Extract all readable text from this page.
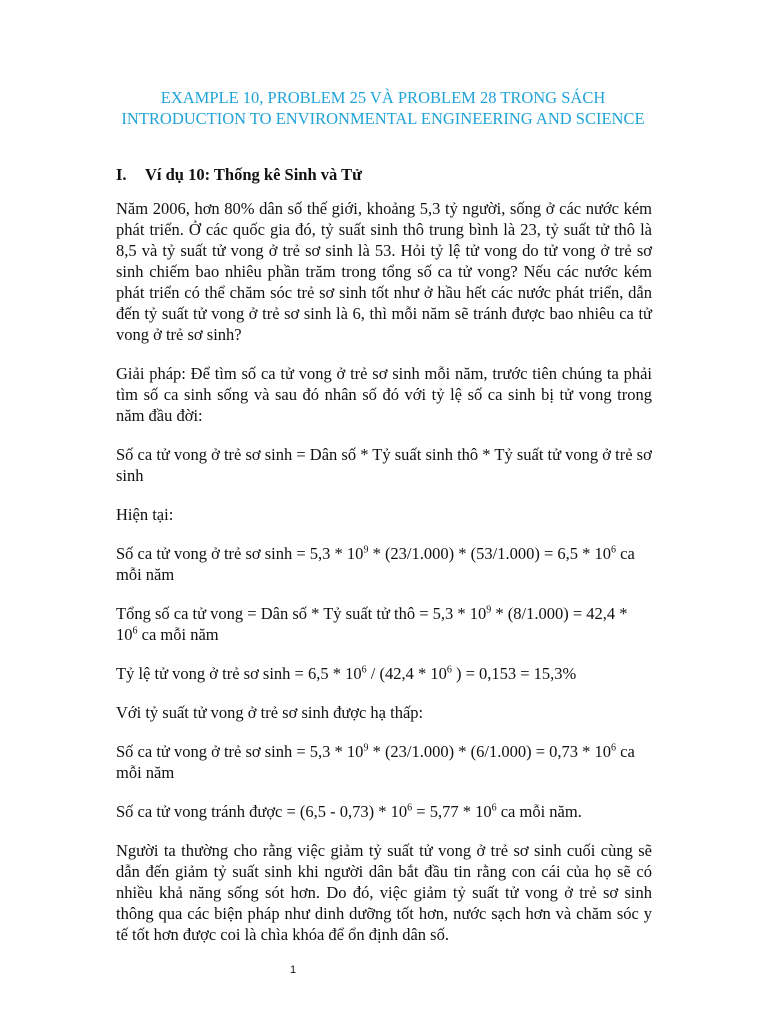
EXAMPLE 10, PROBLEM 25 VÀ PROBLEM 28 TRONG SÁCH INTRODUCTION TO ENVIRONMENTAL ENGINEERING AND SCIENCE
I. Ví dụ 10: Thống kê Sinh và Tử

Năm 2006, hơn 80% dân số thế giới, khoảng 5,3 tỷ người, sống ở các nước kém phát triển. Ở các quốc gia đó, tỷ suất sinh thô trung bình là 23, tỷ suất tử thô là 8,5 và tỷ suất tử vong ở trẻ sơ sinh là 53. Hỏi tỷ lệ tử vong do tử vong ở trẻ sơ sinh chiếm bao nhiêu phần trăm trong tổng số ca tử vong? Nếu các nước kém phát triển có thể chăm sóc trẻ sơ sinh tốt như ở hầu hết các nước phát triển, dẫn đến tỷ suất tử vong ở trẻ sơ sinh là 6, thì mỗi năm sẽ tránh được bao nhiêu ca tử vong ở trẻ sơ sinh?

Giải pháp: Để tìm số ca tử vong ở trẻ sơ sinh mỗi năm, trước tiên chúng ta phải tìm số ca sinh sống và sau đó nhân số đó với tỷ lệ số ca sinh bị tử vong trong năm đầu đời:

Số ca tử vong ở trẻ sơ sinh = Dân số * Tỷ suất sinh thô * Tỷ suất tử vong ở trẻ sơ sinh

Hiện tại:

Số ca tử vong ở trẻ sơ $\sinh = 5,3 * 10^9 * (23/1.000) * (53/1.000) = 6,5 * 10^6$ ca mỗi năm

Tổng số ca tử vong = Dân số * Tỷ suất tử thô = $5,3 * 10^9 * (8/1.000) = 42,4 * 10^6$ ca mỗi năm

Tỷ lệ tử vong ở trẻ sơ $\sinh = 6,5 * 10^6 / (42,4 * 10^6$ ) = 0,153 = 15,3%

Với tỷ suất tử vong ở trẻ sơ sinh được hạ thấp:

Số ca tử vong ở trẻ sơ $\sinh = 5,3 * 10^9 * (23/1.000) * (6/1.000) = 0,73 * 10^6$ ca mỗi năm

Số ca tử vong tránh được = $(6,5 - 0,73) * 10^6 = 5,77 * 10^6$ ca mỗi năm.

Người ta thường cho rằng việc giảm tỷ suất tử vong ở trẻ sơ sinh cuối cùng sẽ dẫn đến giảm tỷ suất sinh khi người dân bắt đầu tin rằng con cái của họ sẽ có nhiều khả năng sống sót hơn. Do đó, việc giảm tỷ suất tử vong ở trẻ sơ sinh thông qua các biện pháp như dinh dưỡng tốt hơn, nước sạch hơn và chăm sóc y tế tốt hơn được coi là chìa khóa để ổn định dân số.

1
